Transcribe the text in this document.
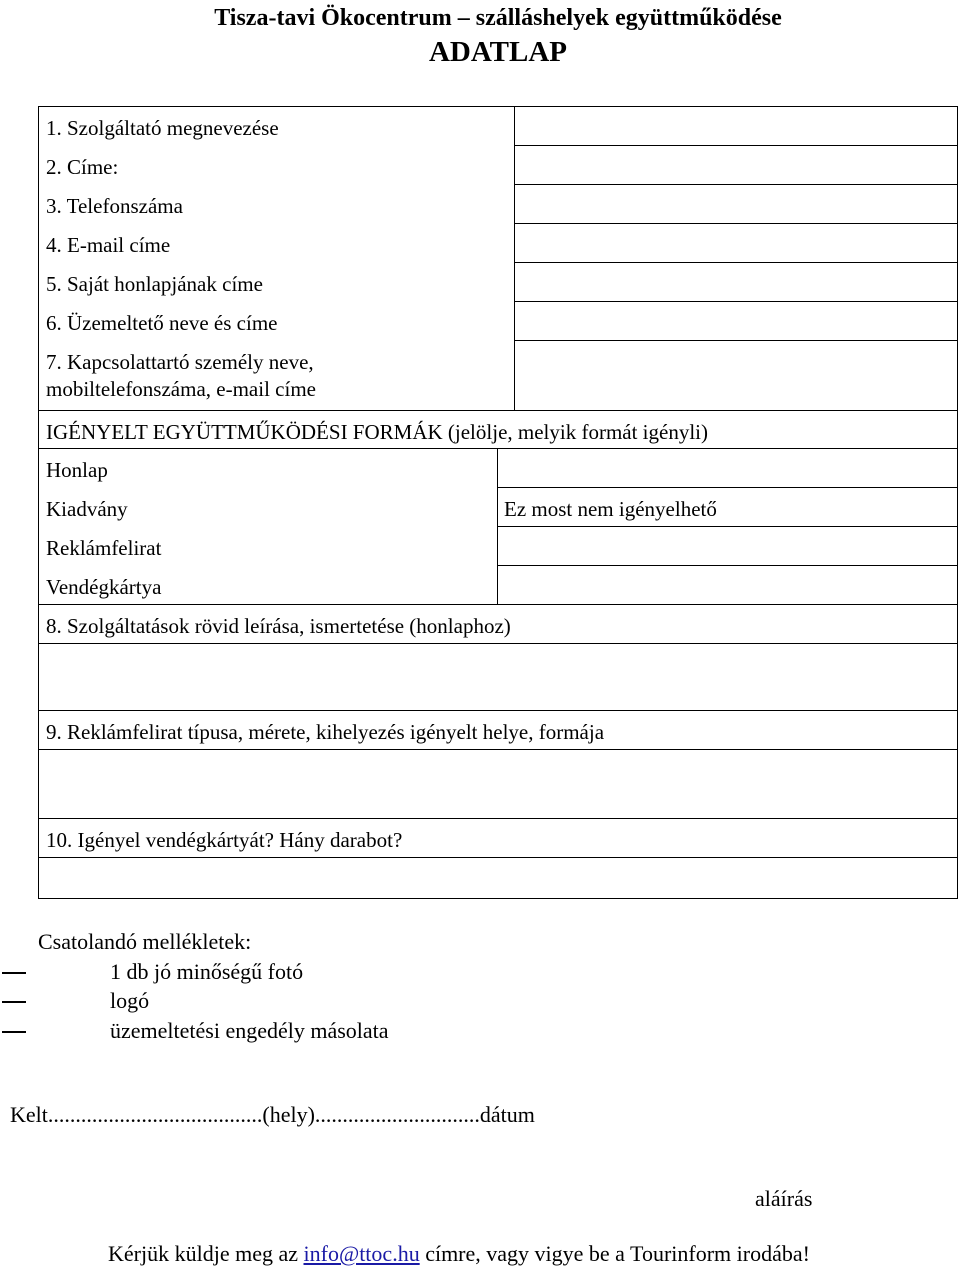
Tisza-tavi Ökocentrum – szálláshelyek együttműködése
ADATLAP
1. Szolgáltató megnevezése
2. Címe:
3. Telefonszáma
4. E-mail címe
5. Saját honlapjának címe
6. Üzemeltető neve és címe
7. Kapcsolattartó személy neve,
mobiltelefonszáma, e-mail címe
IGÉNYELT EGYÜTTMŰKÖDÉSI FORMÁK (jelölje, melyik formát igényli)
Honlap
Kiadvány
Reklámfelirat
Vendégkártya
Ez most nem igényelhető
8. Szolgáltatások rövid leírása, ismertetése (honlaphoz)
9. Reklámfelirat típusa, mérete, kihelyezés igényelt helye, formája
10. Igényel vendégkártyát? Hány darabot?
Csatolandó mellékletek:
1 db jó minőségű fotó
logó
üzemeltetési engedély másolata
Kelt.......................................(hely)..............................dátum
aláírás
Kérjük küldje meg az info@ttoc.hu címre, vagy vigye be a Tourinform irodába!
